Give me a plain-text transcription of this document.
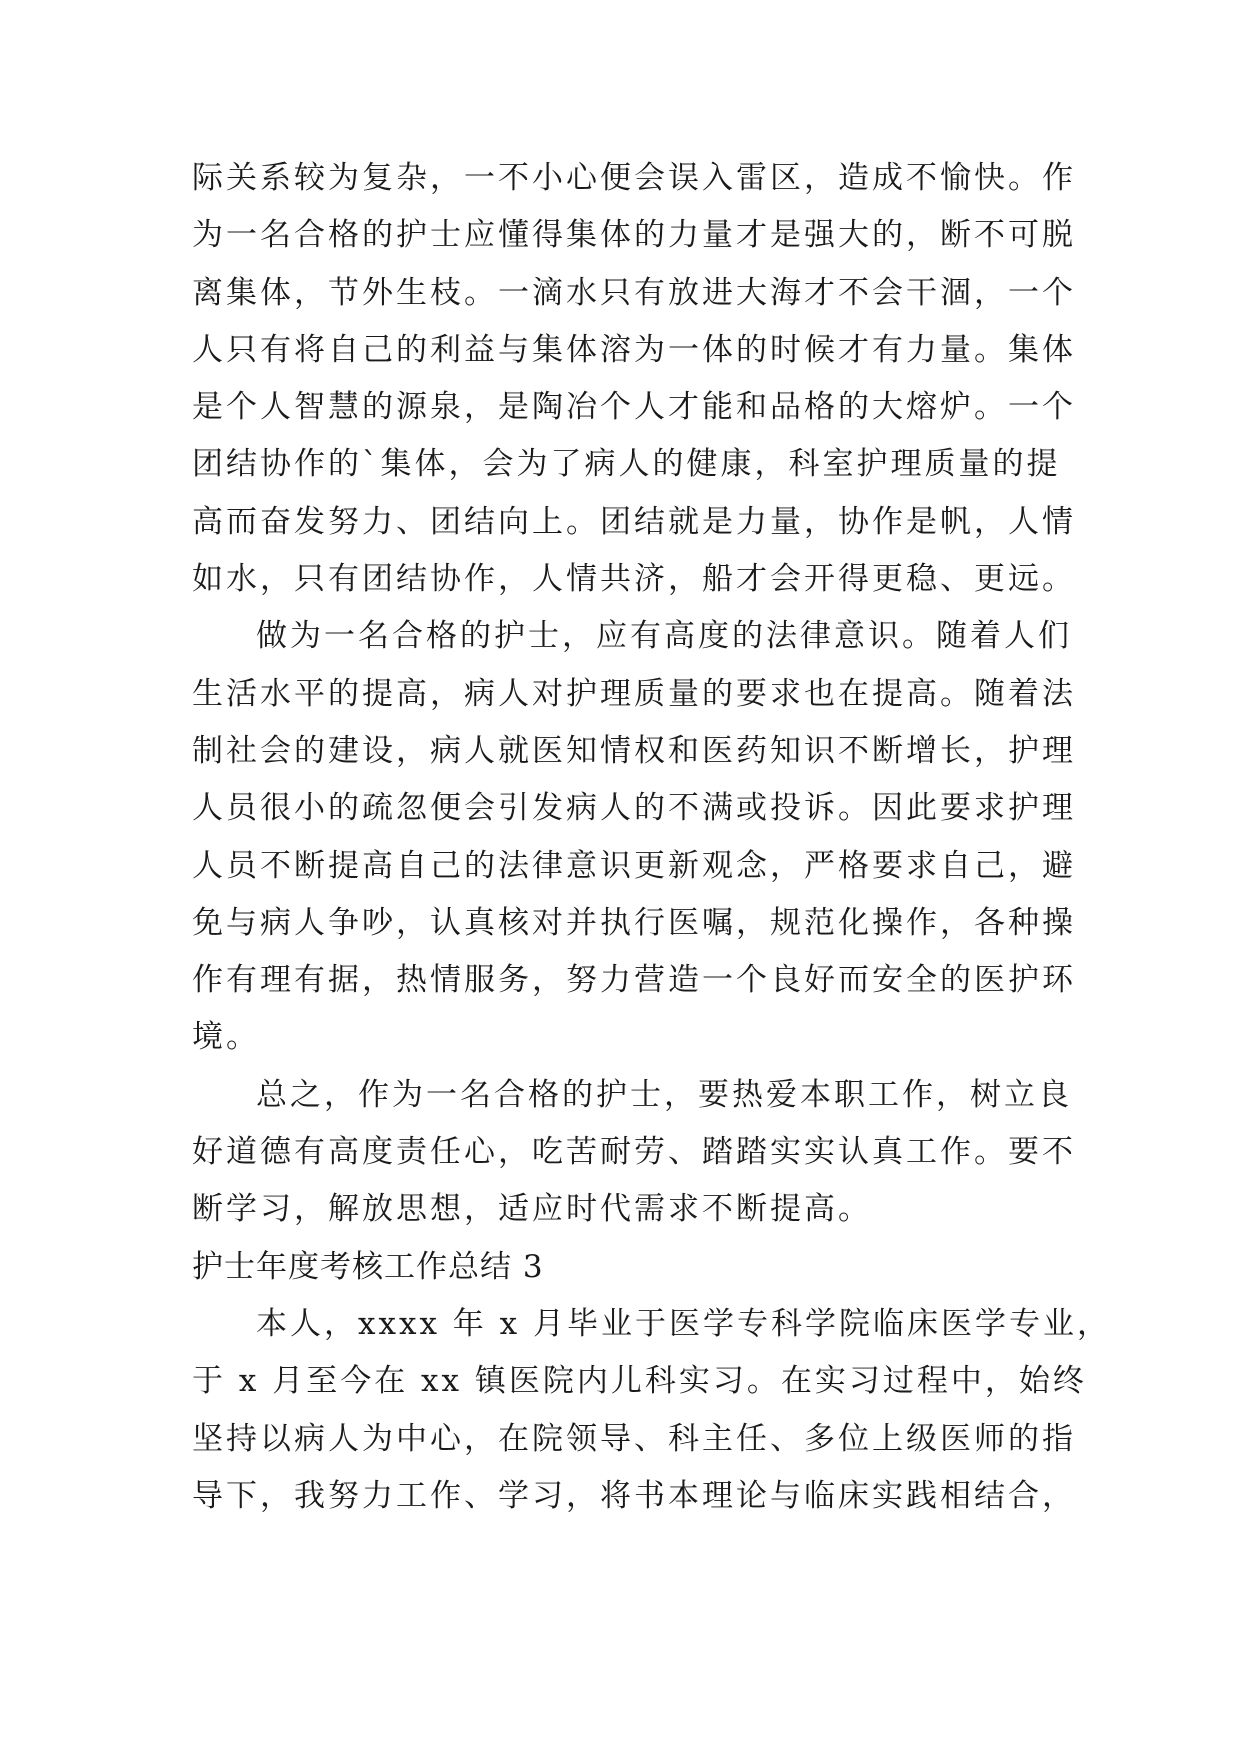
际关系较为复杂，一不小心便会误入雷区，造成不愉快。作
为一名合格的护士应懂得集体的力量才是强大的，断不可脱
离集体，节外生枝。一滴水只有放进大海才不会干涸，一个
人只有将自己的利益与集体溶为一体的时候才有力量。集体
是个人智慧的源泉，是陶冶个人才能和品格的大熔炉。一个
团结协作的`集体，会为了病人的健康，科室护理质量的提
高而奋发努力、团结向上。团结就是力量，协作是帆，人情
如水，只有团结协作，人情共济，船才会开得更稳、更远。
做为一名合格的护士，应有高度的法律意识。随着人们
生活水平的提高，病人对护理质量的要求也在提高。随着法
制社会的建设，病人就医知情权和医药知识不断增长，护理
人员很小的疏忽便会引发病人的不满或投诉。因此要求护理
人员不断提高自己的法律意识更新观念，严格要求自己，避
免与病人争吵，认真核对并执行医嘱，规范化操作，各种操
作有理有据，热情服务，努力营造一个良好而安全的医护环
境。
总之，作为一名合格的护士，要热爱本职工作，树立良
好道德有高度责任心，吃苦耐劳、踏踏实实认真工作。要不
断学习，解放思想，适应时代需求不断提高。
护士年度考核工作总结 3
本人，xxxx 年 x 月毕业于医学专科学院临床医学专业，
于 x 月至今在 xx 镇医院内儿科实习。在实习过程中，始终
坚持以病人为中心，在院领导、科主任、多位上级医师的指
导下，我努力工作、学习，将书本理论与临床实践相结合，
